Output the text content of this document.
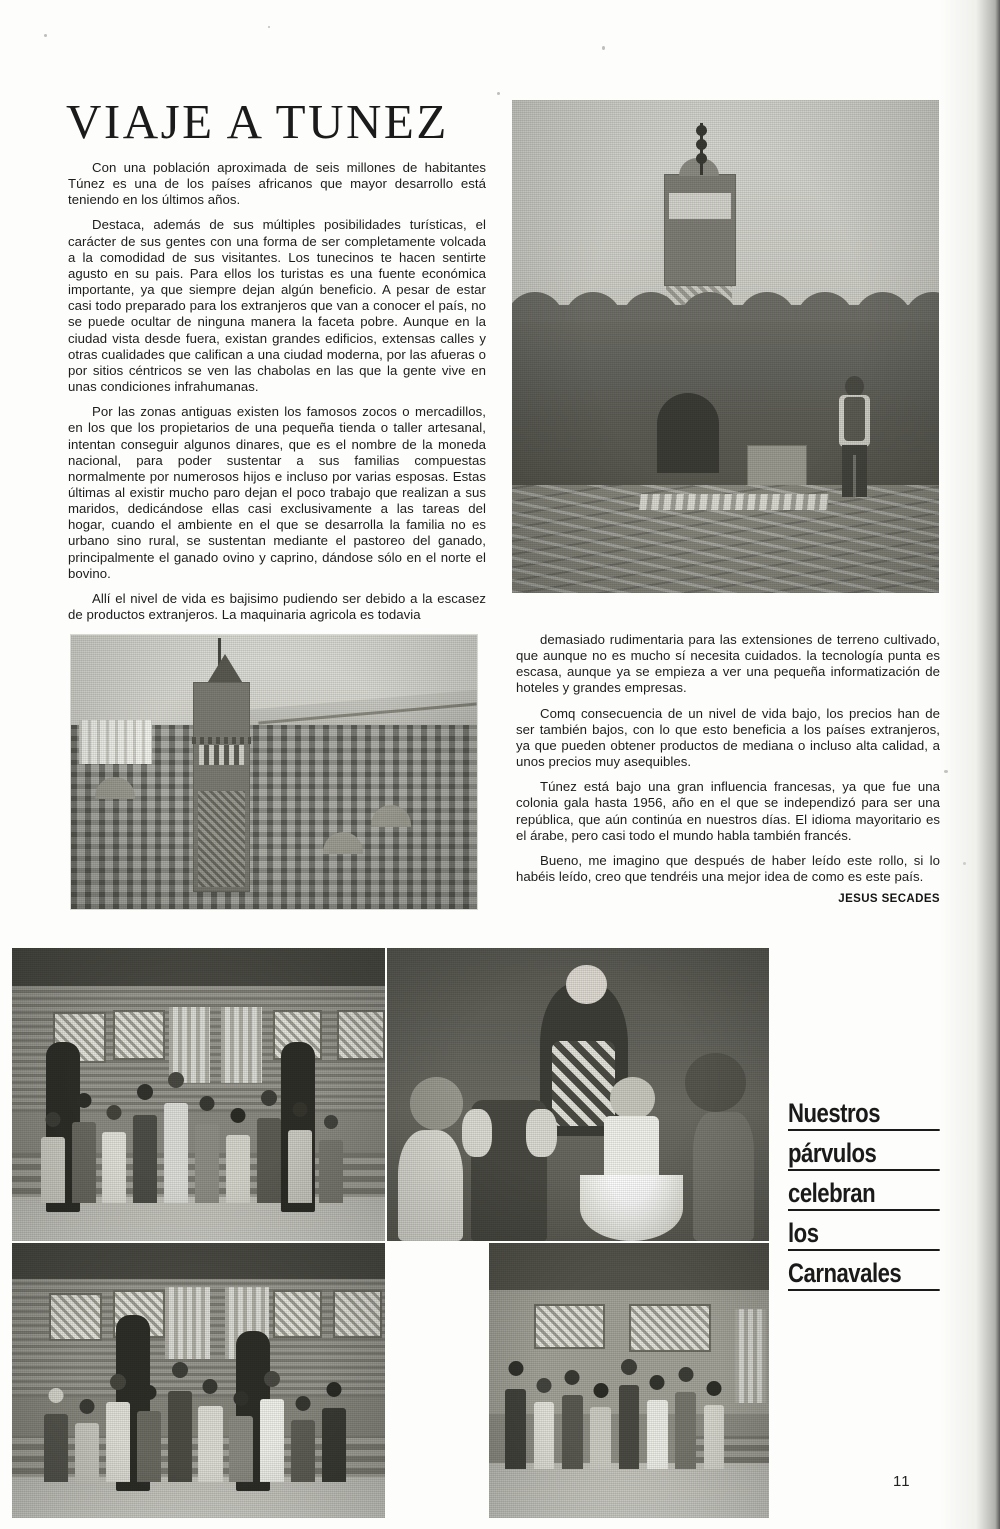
VIAJE A TUNEZ

Con una población aproximada de seis millones de habitantes Túnez es una de los países africanos que mayor desarrollo está teniendo en los últimos años.

Destaca, además de sus múltiples posibilidades turísticas, el carácter de sus gentes con una forma de ser completamente volcada a la comodidad de sus visitantes. Los tunecinos te hacen sentirte agusto en su pais. Para ellos los turistas es una fuente económica importante, ya que siempre dejan algún beneficio. A pesar de estar casi todo preparado para los extranjeros que van a conocer el país, no se puede ocultar de ninguna manera la faceta pobre. Aunque en la ciudad vista desde fuera, existan grandes edificios, extensas calles y otras cualidades que califican a una ciudad moderna, por las afueras o por sitios céntricos se ven las chabolas en las que la gente vive en unas condiciones infrahumanas.

Por las zonas antiguas existen los famosos zocos o mercadillos, en los que los propietarios de una pequeña tienda o taller artesanal, intentan conseguir algunos dinares, que es el nombre de la moneda nacional, para poder sustentar a sus familias compuestas normalmente por numerosos hijos e incluso por varias esposas. Estas últimas al existir mucho paro dejan el poco trabajo que realizan a sus maridos, dedicándose ellas casi exclusivamente a las tareas del hogar, cuando el ambiente en el que se desarrolla la familia no es urbano sino rural, se sustentan mediante el pastoreo del ganado, principalmente el ganado ovino y caprino, dándose sólo en el norte el bovino.

Allí el nivel de vida es bajisimo pudiendo ser debido a la escasez de productos extranjeros. La maquinaria agricola es todavia

demasiado rudimentaria para las extensiones de terreno cultivado, que aunque no es mucho sí necesita cuidados. la tecnología punta es escasa, aunque ya se empieza a ver una pequeña informatización de hoteles y grandes empresas.

Comq consecuencia de un nivel de vida bajo, los precios han de ser también bajos, con lo que esto beneficia a los países extranjeros, ya que pueden obtener productos de mediana o incluso alta calidad, a unos precios muy asequibles.

Túnez está bajo una gran influencia francesas, ya que fue una colonia gala hasta 1956, año en el que se independizó para ser una república, que aún continúa en nuestros días. El idioma mayoritario es el árabe, pero casi todo el mundo habla también francés.

Bueno, me imagino que después de haber leído este rollo, si lo habéis leído, creo que tendréis una mejor idea de como es este país.

JESUS SECADES
Nuestros
párvulos
celebran
los
Carnavales
11
